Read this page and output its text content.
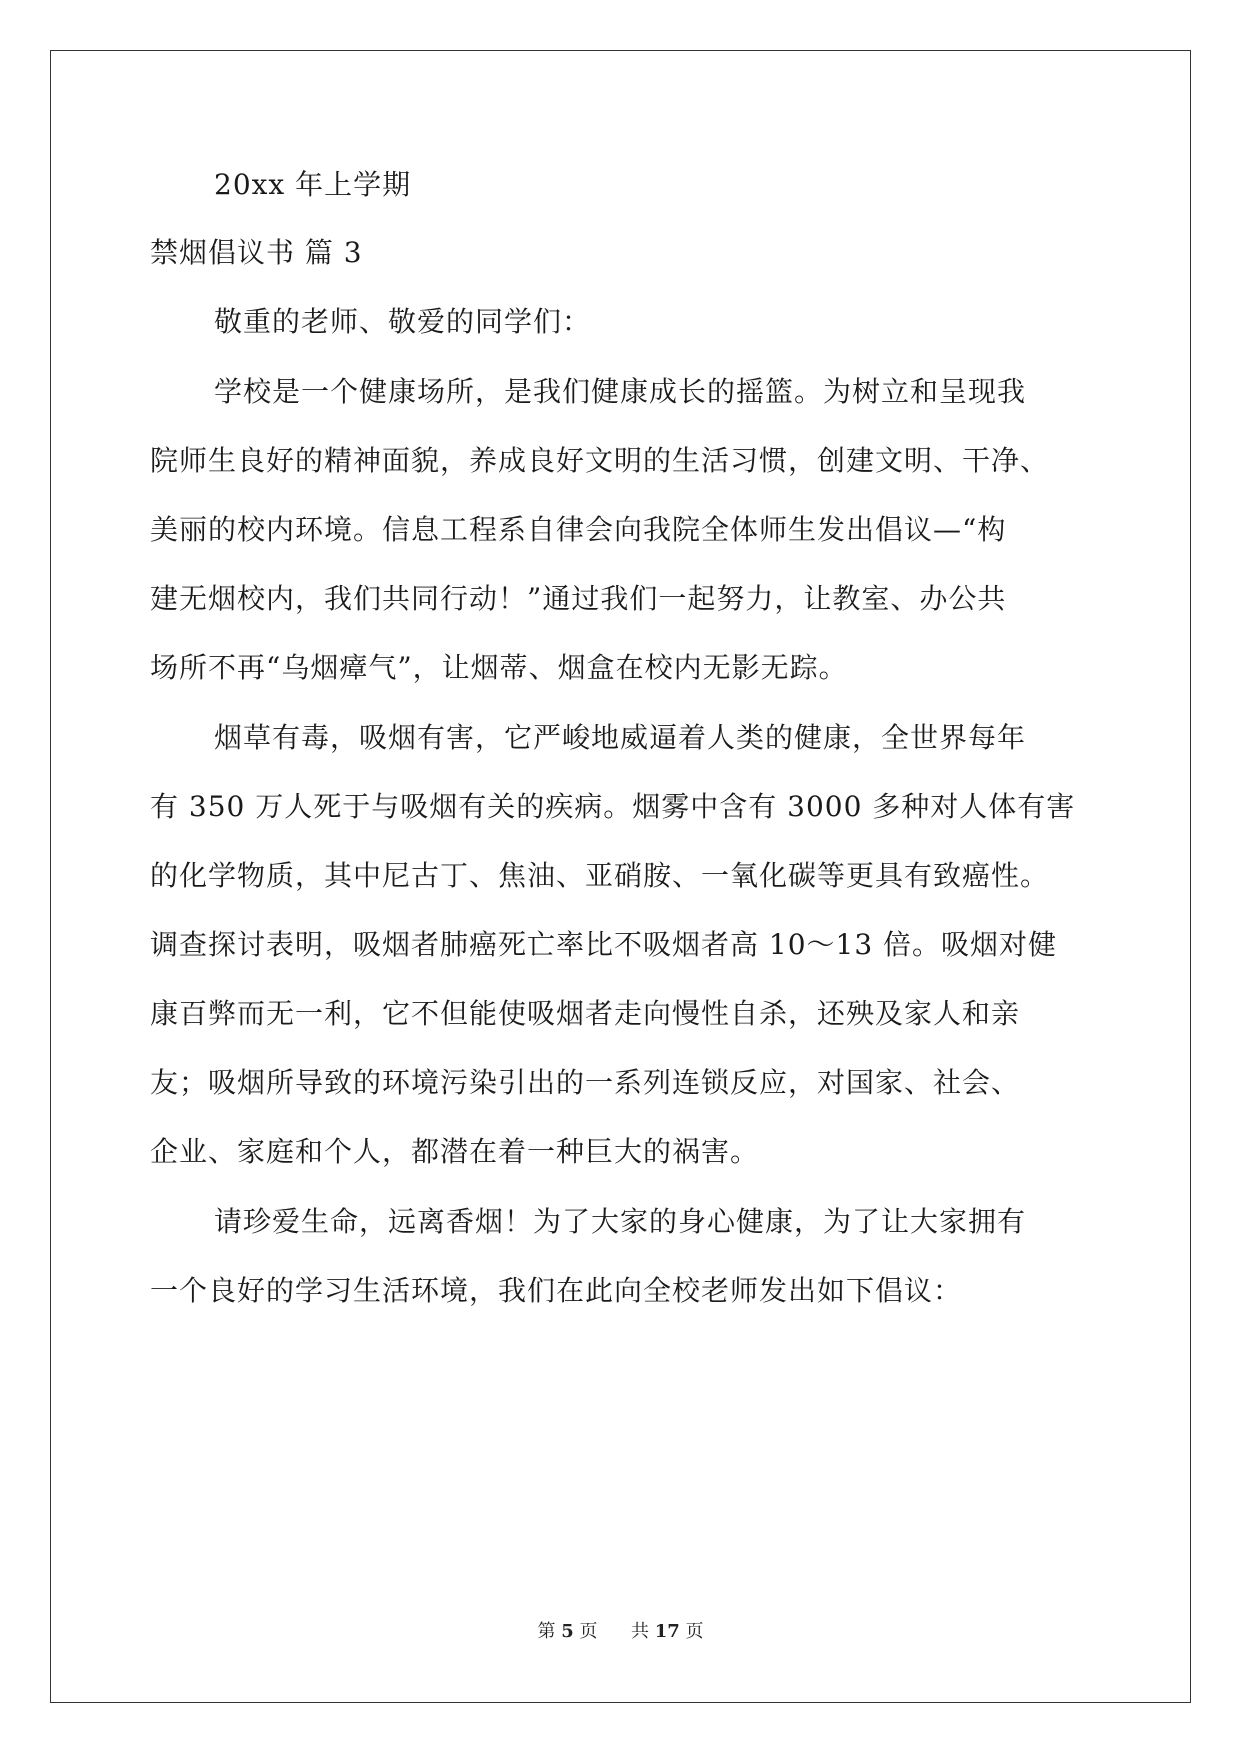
20xx 年上学期
禁烟倡议书 篇 3
敬重的老师、敬爱的同学们：
学校是一个健康场所，是我们健康成长的摇篮。为树立和呈现我
院师生良好的精神面貌，养成良好文明的生活习惯，创建文明、干净、
美丽的校内环境。信息工程系自律会向我院全体师生发出倡议—“构
建无烟校内，我们共同行动！”通过我们一起努力，让教室、办公共
场所不再“乌烟瘴气”，让烟蒂、烟盒在校内无影无踪。
烟草有毒，吸烟有害，它严峻地威逼着人类的健康，全世界每年
有 350 万人死于与吸烟有关的疾病。烟雾中含有 3000 多种对人体有害
的化学物质，其中尼古丁、焦油、亚硝胺、一氧化碳等更具有致癌性。
调查探讨表明，吸烟者肺癌死亡率比不吸烟者高 10～13 倍。吸烟对健
康百弊而无一利，它不但能使吸烟者走向慢性自杀，还殃及家人和亲
友；吸烟所导致的环境污染引出的一系列连锁反应，对国家、社会、
企业、家庭和个人，都潜在着一种巨大的祸害。
请珍爱生命，远离香烟！为了大家的身心健康，为了让大家拥有
一个良好的学习生活环境，我们在此向全校老师发出如下倡议：
第 5 页 共 17 页
